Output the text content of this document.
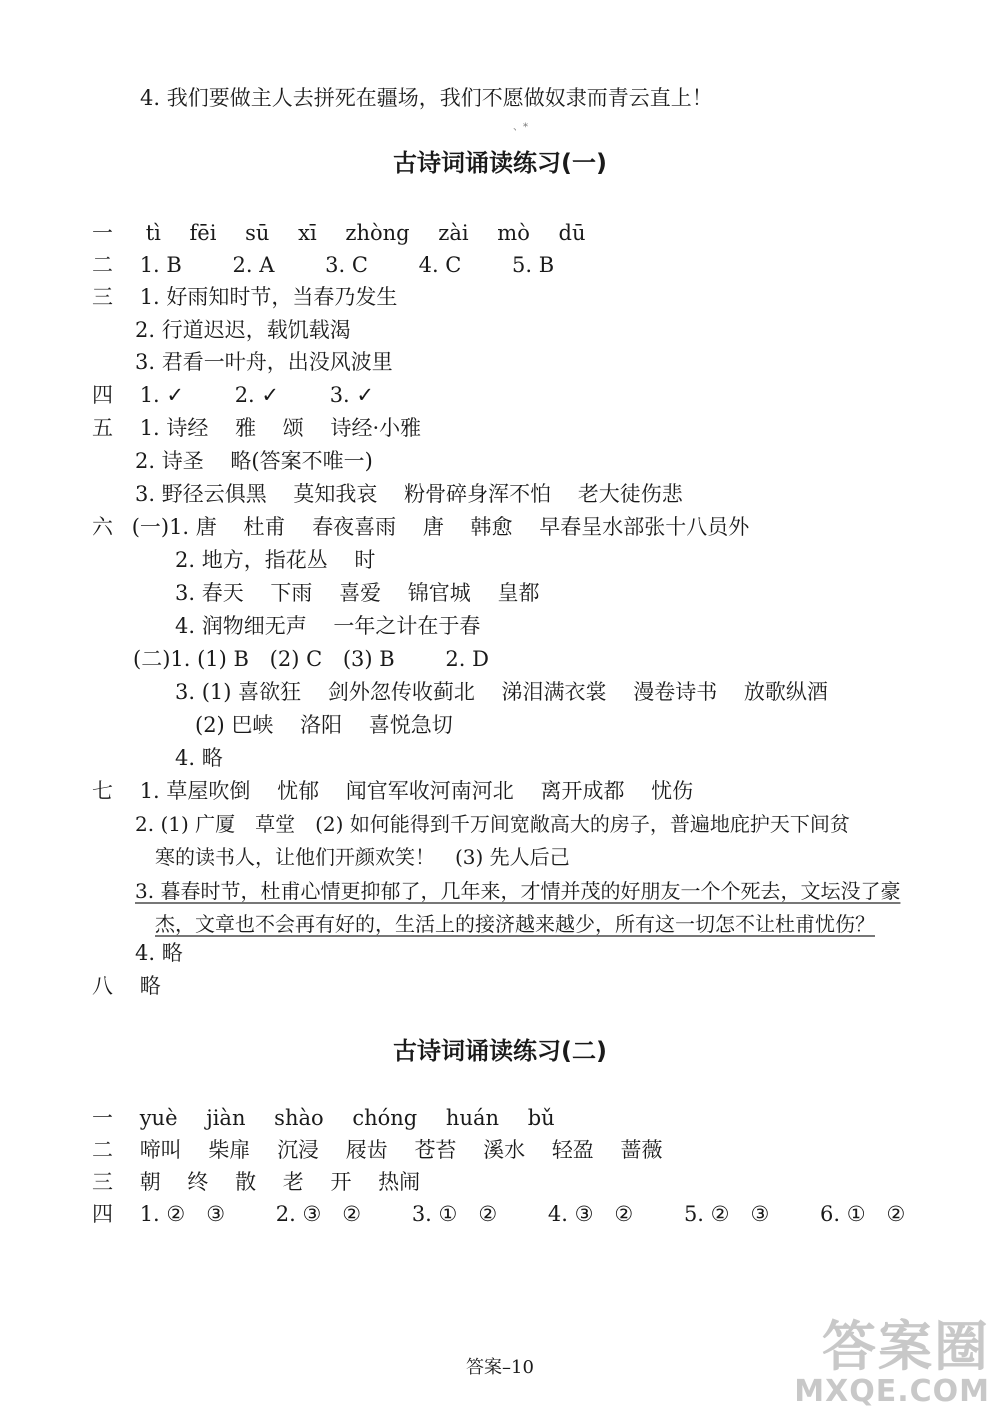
4. 我们要做主人去拼死在疆场，我们不愿做奴隶而青云直上！
、*
古诗词诵读练习(一)
一 tì fēi sū xī zhòng zài mò dū
二 1. B 2. A 3. C 4. C 5. B
三 1. 好雨知时节，当春乃发生
2. 行道迟迟，载饥载渴
3. 君看一叶舟，出没风波里
四 1. ✓ 2. ✓ 3. ✓
五 1. 诗经 雅 颂 诗经·小雅
2. 诗圣 略(答案不唯一)
3. 野径云俱黑 莫知我哀 粉骨碎身浑不怕 老大徒伤悲
六 (一)1. 唐 杜甫 春夜喜雨 唐 韩愈 早春呈水部张十八员外
2. 地方，指花丛 时
3. 春天 下雨 喜爱 锦官城 皇都
4. 润物细无声 一年之计在于春
(二)1. (1) B (2) C (3) B 2. D
3. (1) 喜欲狂 剑外忽传收蓟北 涕泪满衣裳 漫卷诗书 放歌纵酒
(2) 巴峡 洛阳 喜悦急切
4. 略
七 1. 草屋吹倒 忧郁 闻官军收河南河北 离开成都 忧伤
2. (1) 广厦　草堂　(2) 如何能得到千万间宽敞高大的房子，普遍地庇护天下间贫
寒的读书人，让他们开颜欢笑！　(3) 先人后己
3. 暮春时节，杜甫心情更抑郁了，几年来，才情并茂的好朋友一个个死去，文坛没了豪
杰，文章也不会再有好的，生活上的接济越来越少，所有这一切怎不让杜甫忧伤？
4. 略
八 略
古诗词诵读练习(二)
一 yuè jiàn shào chóng huán bǔ
二 啼叫 柴扉 沉浸 屐齿 苍苔 溪水 轻盈 蔷薇
三 朝 终 散 老 开 热闹
四 1. ②　③ 2. ③　② 3. ①　② 4. ③　② 5. ②　③ 6. ①　②
答案–10	答案圈
MXQE.COM
